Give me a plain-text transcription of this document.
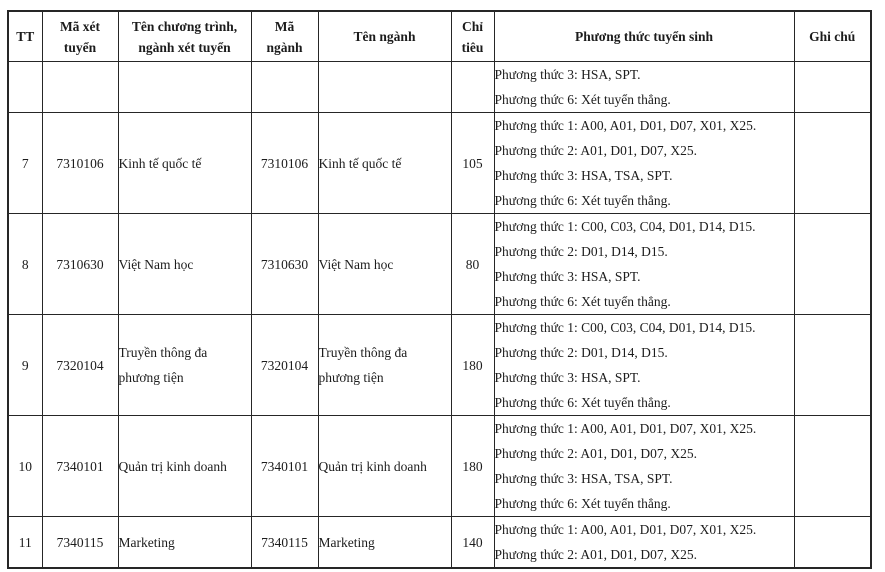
TT	Mã xét tuyển	Tên chương trình, ngành xét tuyển	Mã ngành	Tên ngành	Chỉ tiêu	Phương thức tuyển sinh	Ghi chú

						Phương thức 3: HSA, SPT.
Phương thức 6: Xét tuyển thẳng.	

7	7310106	Kinh tế quốc tế	7310106	Kinh tế quốc tế	105	Phương thức 1: A00, A01, D01, D07, X01, X25.
Phương thức 2: A01, D01, D07, X25.
Phương thức 3: HSA, TSA, SPT.
Phương thức 6: Xét tuyển thẳng.	

8	7310630	Việt Nam học	7310630	Việt Nam học	80	Phương thức 1: C00, C03, C04, D01, D14, D15.
Phương thức 2: D01, D14, D15.
Phương thức 3: HSA, SPT.
Phương thức 6: Xét tuyển thẳng.	

9	7320104	Truyền thông đa phương tiện	7320104	Truyền thông đa phương tiện	180	Phương thức 1: C00, C03, C04, D01, D14, D15.
Phương thức 2: D01, D14, D15.
Phương thức 3: HSA, SPT.
Phương thức 6: Xét tuyển thẳng.	

10	7340101	Quản trị kinh doanh	7340101	Quản trị kinh doanh	180	Phương thức 1: A00, A01, D01, D07, X01, X25.
Phương thức 2: A01, D01, D07, X25.
Phương thức 3: HSA, TSA, SPT.
Phương thức 6: Xét tuyển thẳng.	

11	7340115	Marketing	7340115	Marketing	140	Phương thức 1: A00, A01, D01, D07, X01, X25.
Phương thức 2: A01, D01, D07, X25.	
